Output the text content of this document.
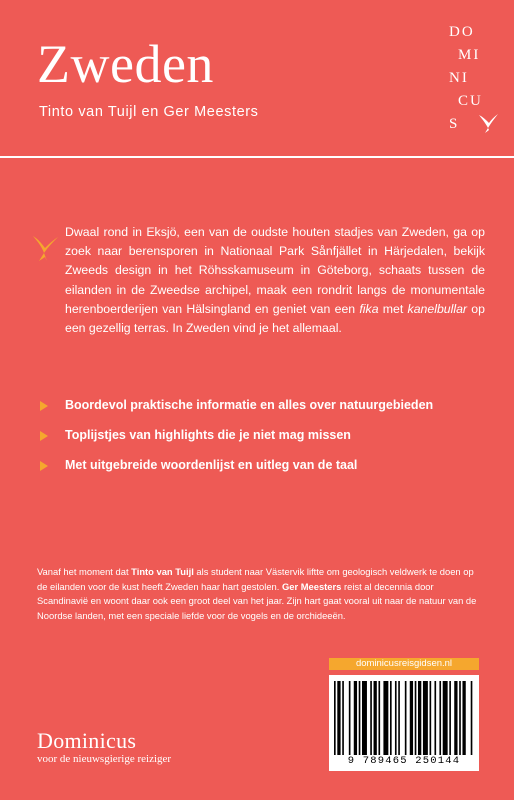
Zweden
Tinto van Tuijl en Ger Meesters
DO
MI
NI
CU
S
Dwaal rond in Eksjö, een van de oudste houten stadjes van Zweden, ga op zoek naar berensporen in Nationaal Park Sånfjället in Härjedalen, bekijk Zweeds design in het Röhsskamuseum in Göteborg, schaats tussen de eilanden in de Zweedse archipel, maak een rondrit langs de monumentale herenboerderijen van Hälsingland en geniet van een fika met kanelbullar op een gezellig terras. In Zweden vind je het allemaal.
Boordevol praktische informatie en alles over natuurgebieden
Toplijstjes van highlights die je niet mag missen
Met uitgebreide woordenlijst en uitleg van de taal
Vanaf het moment dat Tinto van Tuijl als student naar Västervik liftte om geologisch veldwerk te doen op de eilanden voor de kust heeft Zweden haar hart gestolen. Ger Meesters reist al decennia door Scandinavië en woont daar ook een groot deel van het jaar. Zijn hart gaat vooral uit naar de natuur van de Noordse landen, met een speciale liefde voor de vogels en de orchideeën.
Dominicus
voor de nieuwsgierige reiziger
dominicusreisgidsen.nl
9 789465 250144
